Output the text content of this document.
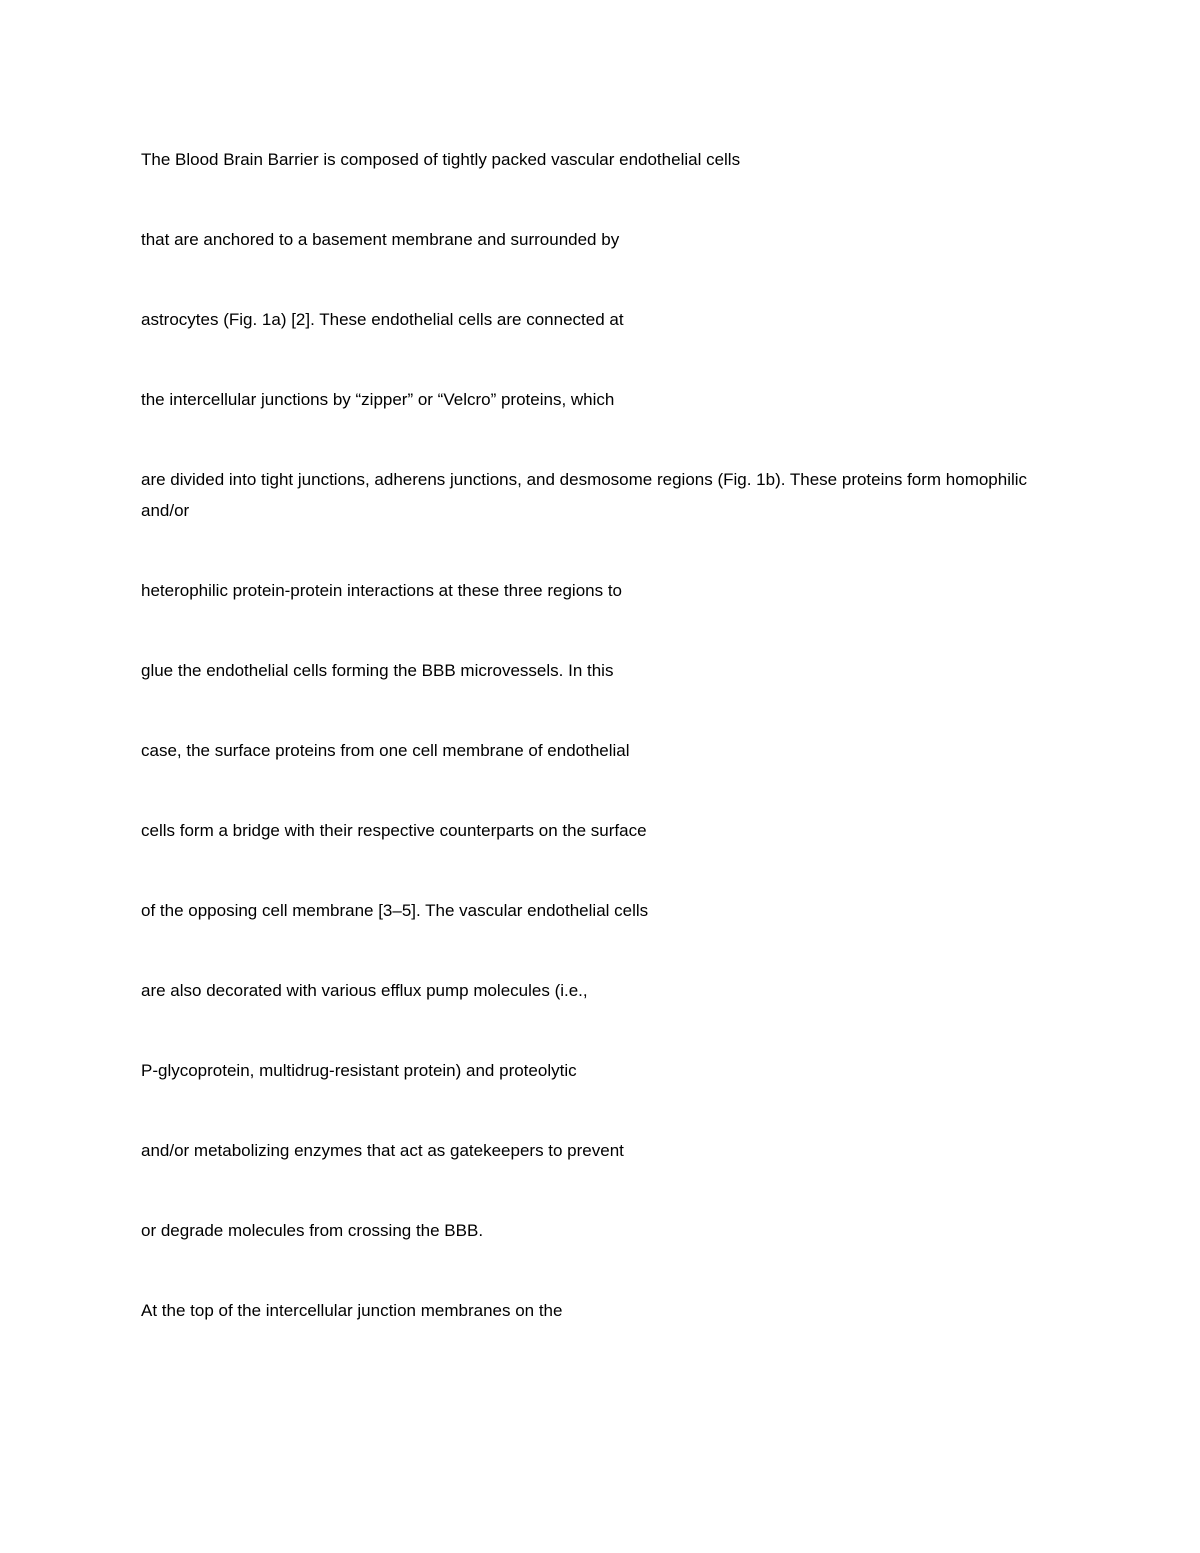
The Blood Brain Barrier is composed of tightly packed vascular endothelial cells

that are anchored to a basement membrane and surrounded by

astrocytes (Fig. 1a) [2]. These endothelial cells are connected at

the intercellular junctions by “zipper” or “Velcro” proteins, which

are divided into tight junctions, adherens junctions, and desmosome regions (Fig. 1b). These proteins form homophilic and/or

heterophilic protein-protein interactions at these three regions to

glue the endothelial cells forming the BBB microvessels. In this

case, the surface proteins from one cell membrane of endothelial

cells form a bridge with their respective counterparts on the surface

of the opposing cell membrane [3–5]. The vascular endothelial cells

are also decorated with various efflux pump molecules (i.e.,

P-glycoprotein, multidrug-resistant protein) and proteolytic

and/or metabolizing enzymes that act as gatekeepers to prevent

or degrade molecules from crossing the BBB.

At the top of the intercellular junction membranes on the
